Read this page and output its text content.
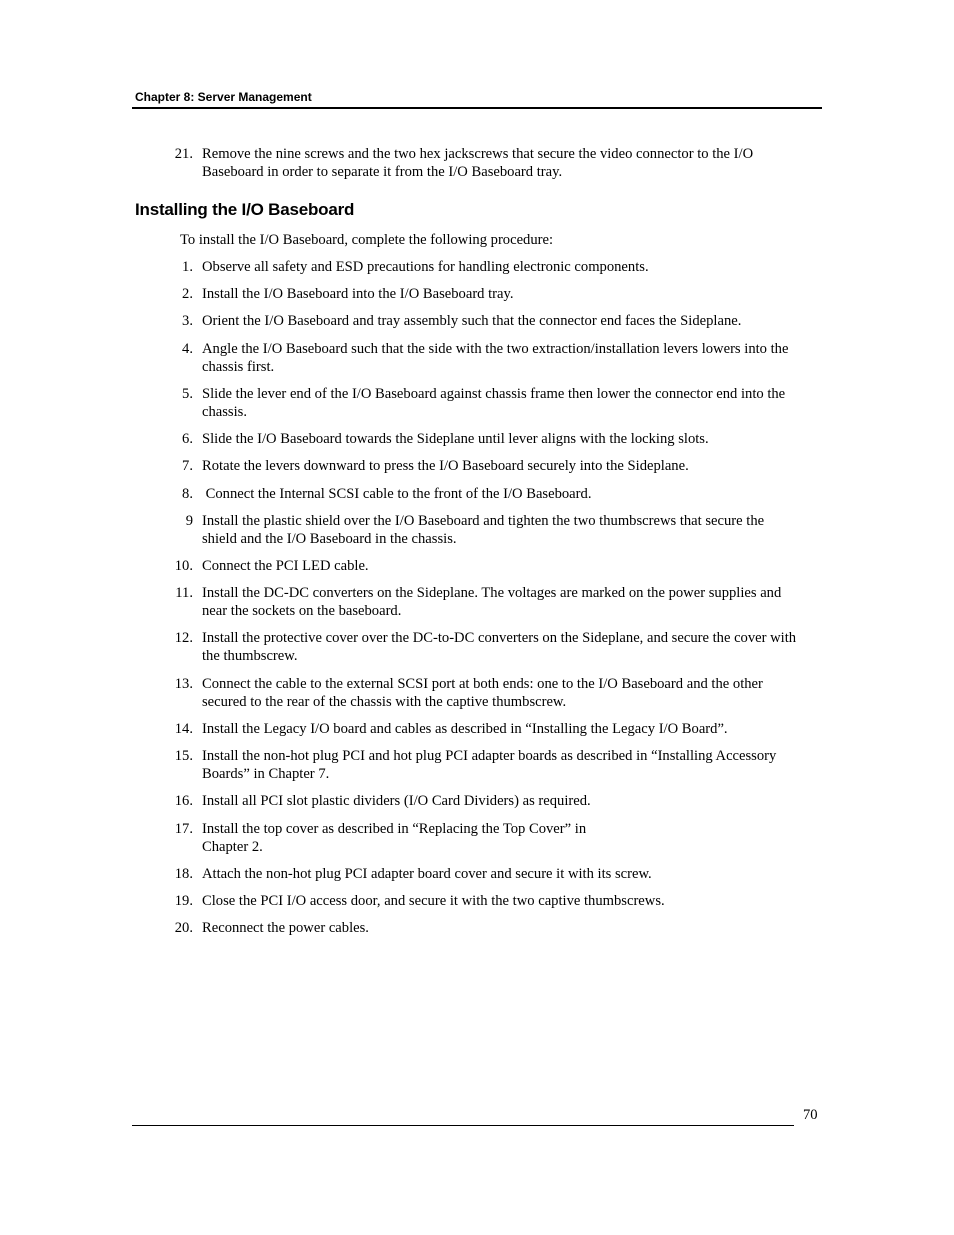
Chapter 8: Server Management
21. Remove the nine screws and the two hex jackscrews that secure the video connector to the I/O Baseboard in order to separate it from the I/O Baseboard tray.
Installing the I/O Baseboard
To install the I/O Baseboard, complete the following procedure:
1. Observe all safety and ESD precautions for handling electronic components.
2. Install the I/O Baseboard into the I/O Baseboard tray.
3. Orient the I/O Baseboard and tray assembly such that the connector end faces the Sideplane.
4. Angle the I/O Baseboard such that the side with the two extraction/installation levers lowers into the chassis first.
5. Slide the lever end of the I/O Baseboard against chassis frame then lower the connector end into the chassis.
6. Slide the I/O Baseboard towards the Sideplane until lever aligns with the locking slots.
7. Rotate the levers downward to press the I/O Baseboard securely into the Sideplane.
8. Connect the Internal SCSI cable to the front of the I/O Baseboard.
9 Install the plastic shield over the I/O Baseboard and tighten the two thumbscrews that secure the shield and the I/O Baseboard in the chassis.
10. Connect the PCI LED cable.
11. Install the DC-DC converters on the Sideplane. The voltages are marked on the power supplies and near the sockets on the baseboard.
12. Install the protective cover over the DC-to-DC converters on the Sideplane, and secure the cover with the thumbscrew.
13. Connect the cable to the external SCSI port at both ends: one to the I/O Baseboard and the other secured to the rear of the chassis with the captive thumbscrew.
14. Install the Legacy I/O board and cables as described in “Installing the Legacy I/O Board”.
15. Install the non-hot plug PCI and hot plug PCI adapter boards as described in “Installing Accessory Boards” in Chapter 7.
16. Install all PCI slot plastic dividers (I/O Card Dividers) as required.
17. Install the top cover as described in “Replacing the Top Cover” in
Chapter 2.
18. Attach the non-hot plug PCI adapter board cover and secure it with its screw.
19. Close the PCI I/O access door, and secure it with the two captive thumbscrews.
20. Reconnect the power cables.
70
